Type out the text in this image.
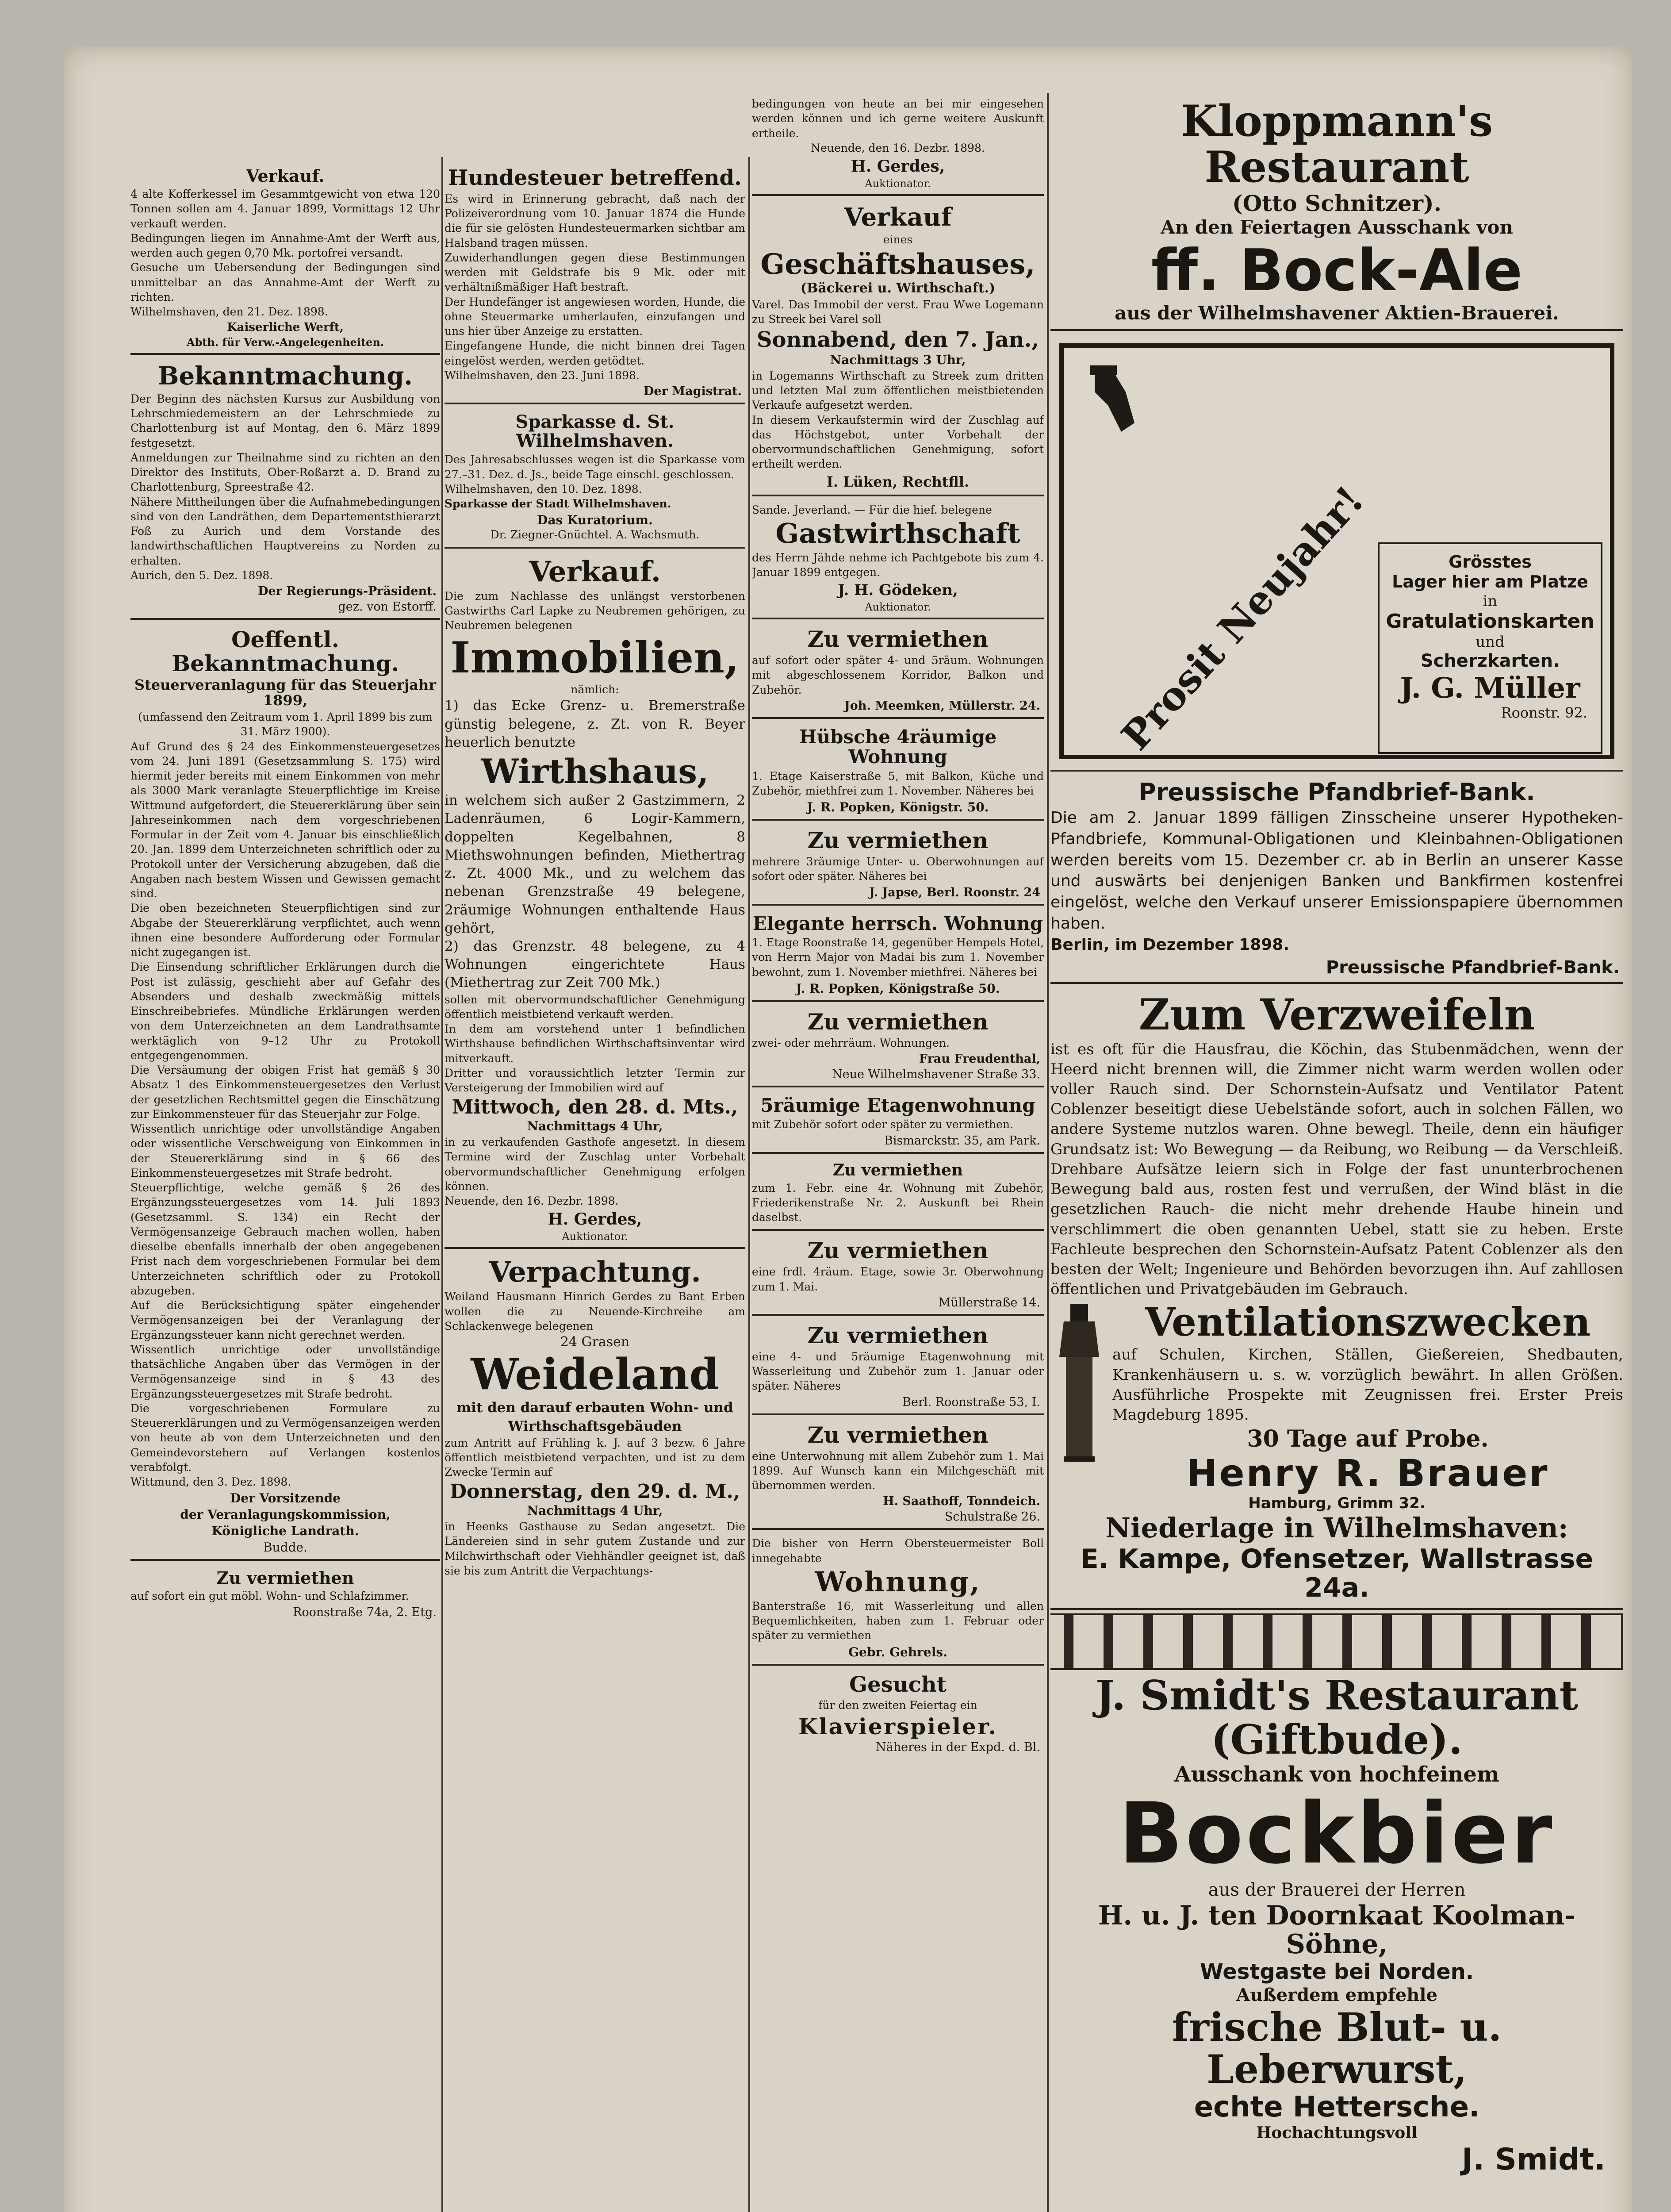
Verkauf.

4 alte Kofferkessel im Gesammtgewicht von etwa 120 Tonnen sollen am 4. Januar 1899, Vormittags 12 Uhr verkauft werden.

Bedingungen liegen im Annahme-Amt der Werft aus, werden auch gegen 0,70 Mk. portofrei versandt.

Gesuche um Uebersendung der Bedingungen sind unmittelbar an das Annahme-Amt der Werft zu richten.

Wilhelmshaven, den 21. Dez. 1898.

Kaiserliche Werft,
Abth. für Verw.-Angelegenheiten.
Bekanntmachung.

Der Beginn des nächsten Kursus zur Ausbildung von Lehrschmiedemeistern an der Lehrschmiede zu Charlottenburg ist auf Montag, den 6. März 1899 festgesetzt.

Anmeldungen zur Theilnahme sind zu richten an den Direktor des Instituts, Ober-Roßarzt a. D. Brand zu Charlottenburg, Spreestraße 42.

Nähere Mittheilungen über die Aufnahmebedingungen sind von den Landräthen, dem Departementsthierarzt Foß zu Aurich und dem Vorstande des landwirthschaftlichen Hauptvereins zu Norden zu erhalten.

Aurich, den 5. Dez. 1898.

Der Regierungs-Präsident.
gez. von Estorff.
Oeffentl. Bekanntmachung.
Steuerveranlagung für das Steuerjahr 1899,

(umfassend den Zeitraum vom 1. April 1899 bis zum 31. März 1900).

Auf Grund des § 24 des Einkommensteuergesetzes vom 24. Juni 1891 (Gesetzsammlung S. 175) wird hiermit jeder bereits mit einem Einkommen von mehr als 3000 Mark veranlagte Steuerpflichtige im Kreise Wittmund aufgefordert, die Steuererklärung über sein Jahreseinkommen nach dem vorgeschriebenen Formular in der Zeit vom 4. Januar bis einschließlich 20. Jan. 1899 dem Unterzeichneten schriftlich oder zu Protokoll unter der Versicherung abzugeben, daß die Angaben nach bestem Wissen und Gewissen gemacht sind.

Die oben bezeichneten Steuerpflichtigen sind zur Abgabe der Steuererklärung verpflichtet, auch wenn ihnen eine besondere Aufforderung oder Formular nicht zugegangen ist.

Die Einsendung schriftlicher Erklärungen durch die Post ist zulässig, geschieht aber auf Gefahr des Absenders und deshalb zweckmäßig mittels Einschreibebriefes. Mündliche Erklärungen werden von dem Unterzeichneten an dem Landrathsamte werktäglich von 9–12 Uhr zu Protokoll entgegengenommen.

Die Versäumung der obigen Frist hat gemäß § 30 Absatz 1 des Einkommensteuergesetzes den Verlust der gesetzlichen Rechtsmittel gegen die Einschätzung zur Einkommensteuer für das Steuerjahr zur Folge.

Wissentlich unrichtige oder unvollständige Angaben oder wissentliche Verschweigung von Einkommen in der Steuererklärung sind in § 66 des Einkommensteuergesetzes mit Strafe bedroht.

Steuerpflichtige, welche gemäß § 26 des Ergänzungssteuergesetzes vom 14. Juli 1893 (Gesetzsamml. S. 134) ein Recht der Vermögensanzeige Gebrauch machen wollen, haben dieselbe ebenfalls innerhalb der oben angegebenen Frist nach dem vorgeschriebenen Formular bei dem Unterzeichneten schriftlich oder zu Protokoll abzugeben.

Auf die Berücksichtigung später eingehender Vermögensanzeigen bei der Veranlagung der Ergänzungssteuer kann nicht gerechnet werden.

Wissentlich unrichtige oder unvollständige thatsächliche Angaben über das Vermögen in der Vermögensanzeige sind in § 43 des Ergänzungssteuergesetzes mit Strafe bedroht.

Die vorgeschriebenen Formulare zu Steuererklärungen und zu Vermögensanzeigen werden von heute ab von dem Unterzeichneten und den Gemeindevorstehern auf Verlangen kostenlos verabfolgt.

Wittmund, den 3. Dez. 1898.

Der Vorsitzende
der Veranlagungskommission,
Königliche Landrath.
Budde.
Zu vermiethen

auf sofort ein gut möbl. Wohn- und Schlafzimmer.

Roonstraße 74a, 2. Etg.
Hundesteuer betreffend.

Es wird in Erinnerung gebracht, daß nach der Polizeiverordnung vom 10. Januar 1874 die Hunde die für sie gelösten Hundesteuermarken sichtbar am Halsband tragen müssen.

Zuwiderhandlungen gegen diese Bestimmungen werden mit Geldstrafe bis 9 Mk. oder mit verhältnißmäßiger Haft bestraft.

Der Hundefänger ist angewiesen worden, Hunde, die ohne Steuermarke umherlaufen, einzufangen und uns hier über Anzeige zu erstatten.

Eingefangene Hunde, die nicht binnen drei Tagen eingelöst werden, werden getödtet.

Wilhelmshaven, den 23. Juni 1898.

Der Magistrat.
Sparkasse d. St. Wilhelmshaven.

Des Jahresabschlusses wegen ist die Sparkasse vom 27.–31. Dez. d. Js., beide Tage einschl. geschlossen.

Wilhelmshaven, den 10. Dez. 1898.

Sparkasse der Stadt Wilhelmshaven.

Das Kuratorium.

Dr. Ziegner-Gnüchtel. A. Wachsmuth.

Verkauf.

Die zum Nachlasse des unlängst verstorbenen Gastwirths Carl Lapke zu Neubremen gehörigen, zu Neubremen belegenen

Immobilien,

nämlich:

1) das Ecke Grenz- u. Bremerstraße günstig belegene, z. Zt. von R. Beyer heuerlich benutzte

Wirthshaus,

in welchem sich außer 2 Gastzimmern, 2 Ladenräumen, 6 Logir-Kammern, doppelten Kegelbahnen, 8 Miethswohnungen befinden, Miethertrag z. Zt. 4000 Mk., und zu welchem das nebenan Grenzstraße 49 belegene, 2räumige Wohnungen enthaltende Haus gehört,

2) das Grenzstr. 48 belegene, zu 4 Wohnungen eingerichtete Haus (Miethertrag zur Zeit 700 Mk.)

sollen mit obervormundschaftlicher Genehmigung öffentlich meistbietend verkauft werden.

In dem am vorstehend unter 1 befindlichen Wirthshause befindlichen Wirthschaftsinventar wird mitverkauft.

Dritter und voraussichtlich letzter Termin zur Versteigerung der Immobilien wird auf

Mittwoch, den 28. d. Mts.,
Nachmittags 4 Uhr,

in zu verkaufenden Gasthofe angesetzt. In diesem Termine wird der Zuschlag unter Vorbehalt obervormundschaftlicher Genehmigung erfolgen können.

Neuende, den 16. Dezbr. 1898.

H. Gerdes,
Auktionator.
Verpachtung.

Weiland Hausmann Hinrich Gerdes zu Bant Erben wollen die zu Neuende-Kirchreihe am Schlackenwege belegenen

24 Grasen
Weideland

mit den darauf erbauten Wohn- und Wirthschaftsgebäuden

zum Antritt auf Frühling k. J. auf 3 bezw. 6 Jahre öffentlich meistbietend verpachten, und ist zu dem Zwecke Termin auf

Donnerstag, den 29. d. M.,
Nachmittags 4 Uhr,

in Heenks Gasthause zu Sedan angesetzt. Die Ländereien sind in sehr gutem Zustande und zur Milchwirthschaft oder Viehhändler geeignet ist, daß sie bis zum Antritt die Verpachtungs-

bedingungen von heute an bei mir eingesehen werden können und ich gerne weitere Auskunft ertheile.

Neuende, den 16. Dezbr. 1898.

H. Gerdes,
Auktionator.
Verkauf

eines

Geschäftshauses,
(Bäckerei u. Wirthschaft.)

Varel. Das Immobil der verst. Frau Wwe Logemann zu Streek bei Varel soll

Sonnabend, den 7. Jan.,
Nachmittags 3 Uhr,

in Logemanns Wirthschaft zu Streek zum dritten und letzten Mal zum öffentlichen meistbietenden Verkaufe aufgesetzt werden.

In diesem Verkaufstermin wird der Zuschlag auf das Höchstgebot, unter Vorbehalt der obervormundschaftlichen Genehmigung, sofort ertheilt werden.

I. Lüken, Rechtfll.

Sande. Jeverland. — Für die hief. belegene

Gastwirthschaft

des Herrn Jähde nehme ich Pachtgebote bis zum 4. Januar 1899 entgegen.

J. H. Gödeken,
Auktionator.
Zu vermiethen

auf sofort oder später 4- und 5räum. Wohnungen mit abgeschlossenem Korridor, Balkon und Zubehör.

Joh. Meemken, Müllerstr. 24.
Hübsche 4räumige Wohnung

1. Etage Kaiserstraße 5, mit Balkon, Küche und Zubehör, miethfrei zum 1. November. Näheres bei

J. R. Popken, Königstr. 50.
Zu vermiethen

mehrere 3räumige Unter- u. Oberwohnungen auf sofort oder später. Näheres bei

J. Japse, Berl. Roonstr. 24
Elegante herrsch. Wohnung

1. Etage Roonstraße 14, gegenüber Hempels Hotel, von Herrn Major von Madai bis zum 1. November bewohnt, zum 1. November miethfrei. Näheres bei

J. R. Popken, Königstraße 50.
Zu vermiethen

zwei- oder mehrräum. Wohnungen.

Frau Freudenthal,
Neue Wilhelmshavener Straße 33.
5räumige Etagenwohnung

mit Zubehör sofort oder später zu vermiethen.

Bismarckstr. 35, am Park.
Zu vermiethen

zum 1. Febr. eine 4r. Wohnung mit Zubehör, Friederikenstraße Nr. 2. Auskunft bei Rhein daselbst.

Zu vermiethen

eine frdl. 4räum. Etage, sowie 3r. Oberwohnung zum 1. Mai.

Müllerstraße 14.
Zu vermiethen

eine 4- und 5räumige Etagenwohnung mit Wasserleitung und Zubehör zum 1. Januar oder später. Näheres

Berl. Roonstraße 53, I.
Zu vermiethen

eine Unterwohnung mit allem Zubehör zum 1. Mai 1899. Auf Wunsch kann ein Milchgeschäft mit übernommen werden.

H. Saathoff, Tonndeich.
Schulstraße 26.

Die bisher von Herrn Obersteuermeister Boll innegehabte

Wohnung,

Banterstraße 16, mit Wasserleitung und allen Bequemlichkeiten, haben zum 1. Februar oder später zu vermiethen

Gebr. Gehrels.
Gesucht

für den zweiten Feiertag ein

Klavierspieler.
Näheres in der Expd. d. Bl.
Kloppmann's Restaurant
(Otto Schnitzer).
An den Feiertagen Ausschank von
ff. Bock-Ale
aus der Wilhelmshavener Aktien-Brauerei.
Prosit Neujahr!	Grösstes
Lager hier am Platze
in
Gratulationskarten
und
Scherzkarten.
J. G. Müller
Roonstr. 92.
Preussische Pfandbrief-Bank.

Die am 2. Januar 1899 fälligen Zinsscheine unserer Hypotheken-Pfandbriefe, Kommunal-Obligationen und Kleinbahnen-Obligationen werden bereits vom 15. Dezember cr. ab in Berlin an unserer Kasse und auswärts bei denjenigen Banken und Bankfirmen kostenfrei eingelöst, welche den Verkauf unserer Emissionspapiere übernommen haben.

Berlin, im Dezember 1898.

Preussische Pfandbrief-Bank.
Zum Verzweifeln

ist es oft für die Hausfrau, die Köchin, das Stubenmädchen, wenn der Heerd nicht brennen will, die Zimmer nicht warm werden wollen oder voller Rauch sind. Der Schornstein-Aufsatz und Ventilator Patent Coblenzer beseitigt diese Uebelstände sofort, auch in solchen Fällen, wo andere Systeme nutzlos waren. Ohne bewegl. Theile, denn ein häufiger Grundsatz ist: Wo Bewegung — da Reibung, wo Reibung — da Verschleiß. Drehbare Aufsätze leiern sich in Folge der fast ununterbrochenen Bewegung bald aus, rosten fest und verrußen, der Wind bläst in die gesetzlichen Rauch- die nicht mehr drehende Haube hinein und verschlimmert die oben genannten Uebel, statt sie zu heben. Erste Fachleute besprechen den Schornstein-Aufsatz Patent Coblenzer als den besten der Welt; Ingenieure und Behörden bevorzugen ihn. Auf zahllosen öffentlichen und Privatgebäuden im Gebrauch.

Ventilationszwecken

auf Schulen, Kirchen, Ställen, Gießereien, Shedbauten, Krankenhäusern u. s. w. vorzüglich bewährt. In allen Größen. Ausführliche Prospekte mit Zeugnissen frei. Erster Preis Magdeburg 1895.

30 Tage auf Probe.
Henry R. Brauer
Hamburg, Grimm 32.
Niederlage in Wilhelmshaven:
E. Kampe, Ofensetzer, Wallstrasse 24a.
J. Smidt's Restaurant (Giftbude).
Ausschank von hochfeinem
Bockbier
aus der Brauerei der Herren
H. u. J. ten Doornkaat Koolman-Söhne,
Westgaste bei Norden.
Außerdem empfehle
frische Blut- u. Leberwurst,
echte Hettersche.
Hochachtungsvoll
J. Smidt.
